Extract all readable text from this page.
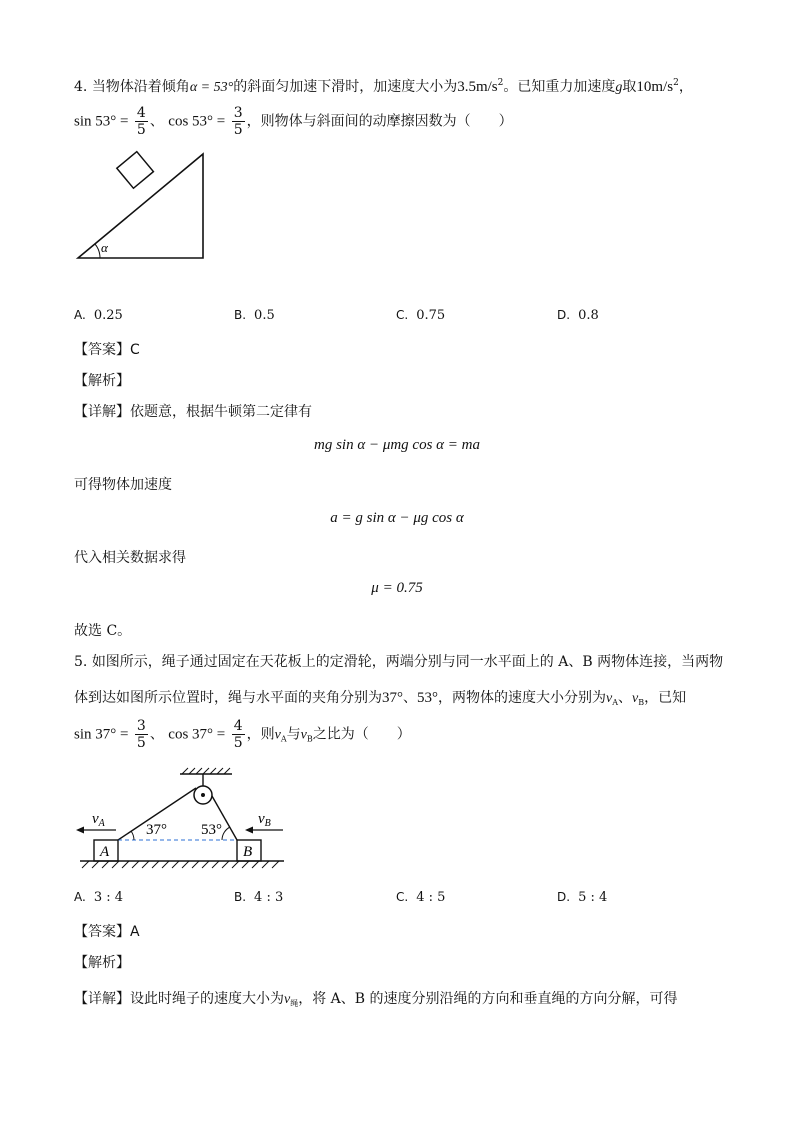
4. 当物体沿着倾角α = 53°的斜面匀加速下滑时，加速度大小为$3.5m/s^2$。已知重力加速度g取$10m/s^2$，
$\sin 53^\circ = \frac{4}{5}$ 、 $\cos 53^\circ = \frac{3}{5}$ ，则物体与斜面间的动摩擦因数为（　　）
α
A. 0.25	B. 0.5	C. 0.75	D. 0.8
【答案】C
【解析】
【详解】依题意，根据牛顿第二定律有
mg sin α − μmg cos α = ma
可得物体加速度
a = g sin α − μg cos α
代入相关数据求得
μ = 0.75
故选 C。
5. 如图所示，绳子通过固定在天花板上的定滑轮，两端分别与同一水平面上的 A、B 两物体连接，当两物
体到达如图所示位置时，绳与水平面的夹角分别为37°、53°，两物体的速度大小分别为$v_A$、$v_B$，已知
$\sin 37^\circ = \frac{3}{5}$ 、 $\cos 37^\circ = \frac{4}{5}$ ，则$v_A$与$v_B$之比为（　　）
37° 53°
A	B
$v_A$	$v_B$
A. 3 : 4	B. 4 : 3	C. 4 : 5	D. 5 : 4
【答案】A
【解析】
【详解】设此时绳子的速度大小为$v_绳$，将 A、B 的速度分别沿绳的方向和垂直绳的方向分解，可得
